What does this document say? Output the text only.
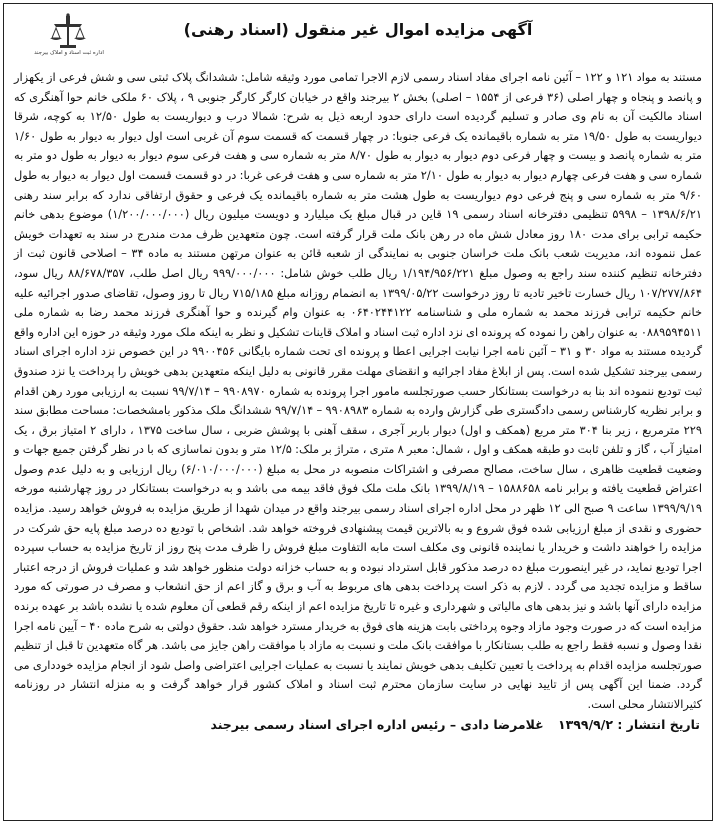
اداره ثبت اسناد و املاک بیرجند
آگهی مزایده اموال غیر منقول (اسناد رهنی)

مستند به مواد ۱۲۱ و ۱۲۲ – آئین نامه اجرای مفاد اسناد رسمی لازم الاجرا تمامی مورد وثیقه شامل: ششدانگ پلاک ثبتی سی و شش فرعی از یکهزار و پانصد و پنجاه و چهار اصلی (۳۶ فرعی از ۱۵۵۴ – اصلی) بخش ۲ بیرجند واقع در خیابان کارگر کارگر جنوبی ۹ ، پلاک ۶۰ ملکی خانم حوا آهنگری که اسناد مالکیت آن به نام وی صادر و تسلیم گردیده است دارای حدود اربعه ذیل به شرح: شمالا درب و دیواریست به طول ۱۲/۵۰ به کوچه، شرقا دیواریست به طول ۱۹/۵۰ متر به شماره باقیمانده یک فرعی جنوبا: در چهار قسمت که قسمت سوم آن غربی است اول دیوار به دیوار به طول ۱/۶۰ متر به شماره پانصد و بیست و چهار فرعی دوم دیوار به دیوار به طول ۸/۷۰ متر به شماره سی و هفت فرعی سوم دیوار به دیوار به طول دو متر به شماره سی و هفت فرعی چهارم دیوار به دیوار به طول ۲/۱۰ متر به شماره سی و هفت فرعی غربا: در دو قسمت قسمت اول دیوار به دیوار به طول ۹/۶۰ متر به شماره سی و پنج فرعی دوم دیواریست به طول هشت متر به شماره باقیمانده یک فرعی و حقوق ارتفاقی ندارد که برابر سند رهنی ۱۳۹۸/۶/۲۱ – ۵۹۹۸ تنظیمی دفترخانه اسناد رسمی ۱۹ قاین در قبال مبلغ یک میلیارد و دویست میلیون ریال (۱/۲۰۰/۰۰۰/۰۰۰) موضوع بدهی خانم حکیمه ترابی برای مدت ۱۸۰ روز معادل شش ماه در رهن بانک ملت قرار گرفته است. چون متعهدین ظرف مدت مندرج در سند به تعهدات خویش عمل ننموده اند، مدیریت شعب بانک ملت خراسان جنوبی به نمایندگی از شعبه قائن به عنوان مرتهن مستند به ماده ۳۴ – اصلاحی قانون ثبت از دفترخانه تنظیم کننده سند راجع به وصول مبلغ ۱/۱۹۴/۹۵۶/۲۲۱ ریال طلب خوش شامل: ۹۹۹/۰۰۰/۰۰۰ ریال اصل طلب، ۸۸/۶۷۸/۳۵۷ ریال سود، ۱۰۷/۲۷۷/۸۶۴ ریال خسارت تاخیر تادیه تا روز درخواست ۱۳۹۹/۰۵/۲۲ به انضمام روزانه مبلغ ۷۱۵/۱۸۵ ریال تا روز وصول، تقاضای صدور اجرائیه علیه خانم حکیمه ترابی فرزند محمد به شماره ملی و شناسنامه ۰۶۴۰۲۴۴۱۲۲ به عنوان وام گیرنده و حوا آهنگری فرزند محمد رضا به شماره ملی ۰۸۸۹۵۹۴۵۱۱ به عنوان راهن را نموده که پرونده ای نزد اداره ثبت اسناد و املاک قاینات تشکیل و نظر به اینکه ملک مورد وثیقه در حوزه این اداره واقع گردیده مستند به مواد ۳۰ و ۳۱ – آئین نامه اجرا نیابت اجرایی اعطا و پرونده ای تحت شماره بایگانی ۹۹۰۰۴۵۶ در این خصوص نزد اداره اجرای اسناد رسمی بیرجند تشکیل شده است. پس از ابلاغ مفاد اجرائیه و انقضای مهلت مقرر قانونی به دلیل اینکه متعهدین بدهی خویش را پرداخت یا نزد صندوق ثبت تودیع ننموده اند بنا به درخواست بستانکار حسب صورتجلسه مامور اجرا پرونده به شماره ۹۹۰۸۹۷۰ – ۹۹/۷/۱۴ نسبت به ارزیابی مورد رهن اقدام و برابر نظریه کارشناس رسمی دادگستری طی گزارش وارده به شماره ۹۹۰۸۹۸۳ – ۹۹/۷/۱۴ ششدانگ ملک مذکور بامشخصات: مساحت مطابق سند ۲۲۹ مترمربع ، زیر بنا ۳۰۴ متر مربع (همکف و اول) دیوار باربر آجری ، سقف آهنی با پوشش ضربی ، سال ساخت ۱۳۷۵ ، دارای ۲ امتیاز برق ، یک امتیاز آب ، گاز و تلفن ثابت دو طبقه همکف و اول ، شمال: معبر ۸ متری ، متراژ بر ملک: ۱۲/۵ متر و بدون نماسازی که با در نظر گرفتن جمیع جهات و وضعیت قطعیت ظاهری ، سال ساخت، مصالح مصرفی و اشتراکات منصوبه در محل به مبلغ (۶/۰۱۰/۰۰۰/۰۰۰) ریال ارزیابی و به دلیل عدم وصول اعتراض قطعیت یافته و برابر نامه ۱۵۸۸۶۵۸ – ۱۳۹۹/۸/۱۹ بانک ملت ملک فوق فاقد بیمه می باشد و به درخواست بستانکار در روز چهارشنبه مورخه ۱۳۹۹/۹/۱۹ ساعت ۹ صبح الی ۱۲ ظهر در محل اداره اجرای اسناد رسمی بیرجند واقع در میدان شهدا از طریق مزایده به فروش خواهد رسید. مزایده حضوری و نقدی از مبلغ ارزیابی شده فوق شروع و به بالاترین قیمت پیشنهادی فروخته خواهد شد. اشخاص با تودیع ده درصد مبلغ پایه حق شرکت در مزایده را خواهند داشت و خریدار یا نماینده قانونی وی مکلف است مابه التفاوت مبلغ فروش را ظرف مدت پنج روز از تاریخ مزایده به حساب سپرده اجرا تودیع نماید، در غیر اینصورت مبلغ ده درصد مذکور قابل استرداد نبوده و به حساب خزانه دولت منظور خواهد شد و عملیات فروش از درجه اعتبار ساقط و مزایده تجدید می گردد . لازم به ذکر است پرداخت بدهی های مربوط به آب و برق و گاز اعم از حق انشعاب و مصرف در صورتی که مورد مزایده دارای آنها باشد و نیز بدهی های مالیاتی و شهرداری و غیره تا تاریخ مزایده اعم از اینکه رقم قطعی آن معلوم شده یا نشده باشد بر عهده برنده مزایده است که در صورت وجود مازاد وجوه پرداختی بابت هزینه های فوق به خریدار مسترد خواهد شد. حقوق دولتی به شرح ماده ۴۰ – آیین نامه اجرا نقدا وصول و نسبه فقط راجع به طلب بستانکار با موافقت بانک ملت و نسبت به مازاد با موافقت راهن جایز می باشد. هر گاه متعهدین تا قبل از تنظیم صورتجلسه مزایده اقدام به پرداخت یا تعیین تکلیف بدهی خویش نمایند یا نسبت به عملیات اجرایی اعتراضی واصل شود از انجام مزایده خودداری می گردد. ضمنا این آگهی پس از تایید نهایی در سایت سازمان محترم ثبت اسناد و املاک کشور قرار خواهد گرفت و به منزله انتشار در روزنامه کثیرالانتشار محلی است.

تاریخ انتشار : ۱۳۹۹/۹/۲ غلامرضا دادی – رئیس اداره اجرای اسناد رسمی بیرجند
